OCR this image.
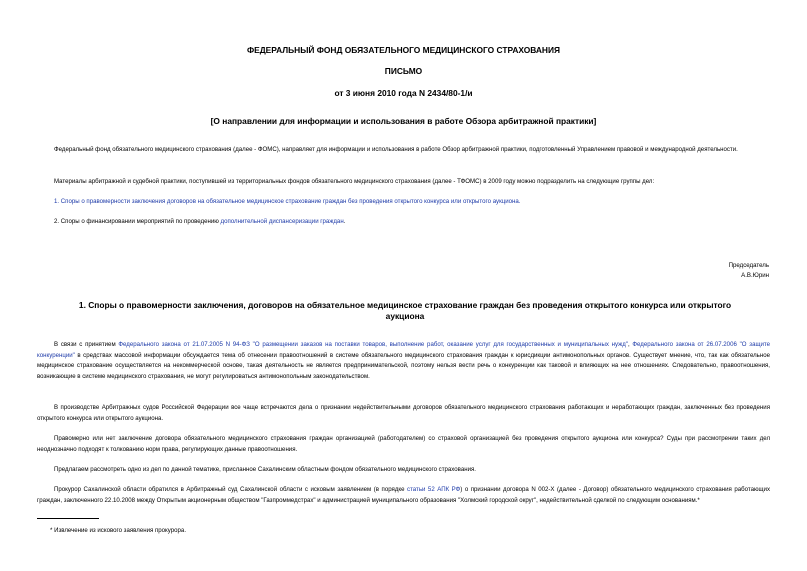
ФЕДЕРАЛЬНЫЙ ФОНД ОБЯЗАТЕЛЬНОГО МЕДИЦИНСКОГО СТРАХОВАНИЯ
ПИСЬМО
от 3 июня 2010 года N 2434/80-1/и
[О направлении для информации и использования в работе Обзора арбитражной практики]

Федеральный фонд обязательного медицинского страхования (далее - ФОМС), направляет для информации и использования в работе Обзор арбитражной практики, подготовленный Управлением правовой и международной деятельности.

Материалы арбитражной и судебной практики, поступившей из территориальных фондов обязательного медицинского страхования (далее - ТФОМС) в 2009 году можно подразделить на следующие группы дел:

1. Споры о правомерности заключения договоров на обязательное медицинское страхование граждан без проведения открытого конкурса или открытого аукциона.

2. Споры о финансировании мероприятий по проведению дополнительной диспансеризации граждан.

Председатель
А.В.Юрин
1. Споры о правомерности заключения, договоров на обязательное медицинское страхование граждан без проведения открытого конкурса или открытого аукциона

В связи с принятием Федерального закона от 21.07.2005 N 94-ФЗ "О размещении заказов на поставки товаров, выполнение работ, оказание услуг для государственных и муниципальных нужд", Федерального закона от 26.07.2006 "О защите конкуренции" в средствах массовой информации обсуждается тема об отнесении правоотношений в системе обязательного медицинского страхования граждан к юрисдикции антимонопольных органов. Существует мнение, что, так как обязательное медицинское страхование осуществляется на некоммерческой основе, такая деятельность не является предпринимательской, поэтому нельзя вести речь о конкуренции как таковой и влияющих на нее отношениях. Следовательно, правоотношения, возникающие в системе медицинского страхования, не могут регулироваться антимонопольным законодательством.

В производстве Арбитражных судов Российской Федерации все чаще встречаются дела о признании недействительными договоров обязательного медицинского страхования работающих и неработающих граждан, заключенных без проведения открытого конкурса или открытого аукциона.

Правомерно или нет заключение договора обязательного медицинского страхования граждан организацией (работодателем) со страховой организацией без проведения открытого аукциона или конкурса? Суды при рассмотрении таких дел неоднозначно подходят к толкованию норм права, регулирующих данные правоотношения.

Предлагаем рассмотреть одно из дел по данной тематике, присланное Сахалинским областным фондом обязательного медицинского страхования.

Прокурор Сахалинской области обратился в Арбитражный суд Сахалинской области с исковым заявлением (в порядке статьи 52 АПК РФ) о признании договора N 002-Х (далее - Договор) обязательного медицинского страхования работающих граждан, заключенного 22.10.2008 между Открытым акционерным обществом "Газпроммедстрах" и администрацией муниципального образования "Холмский городской округ", недействительной сделкой по следующим основаниям.*

* Извлечение из искового заявления прокурора.
